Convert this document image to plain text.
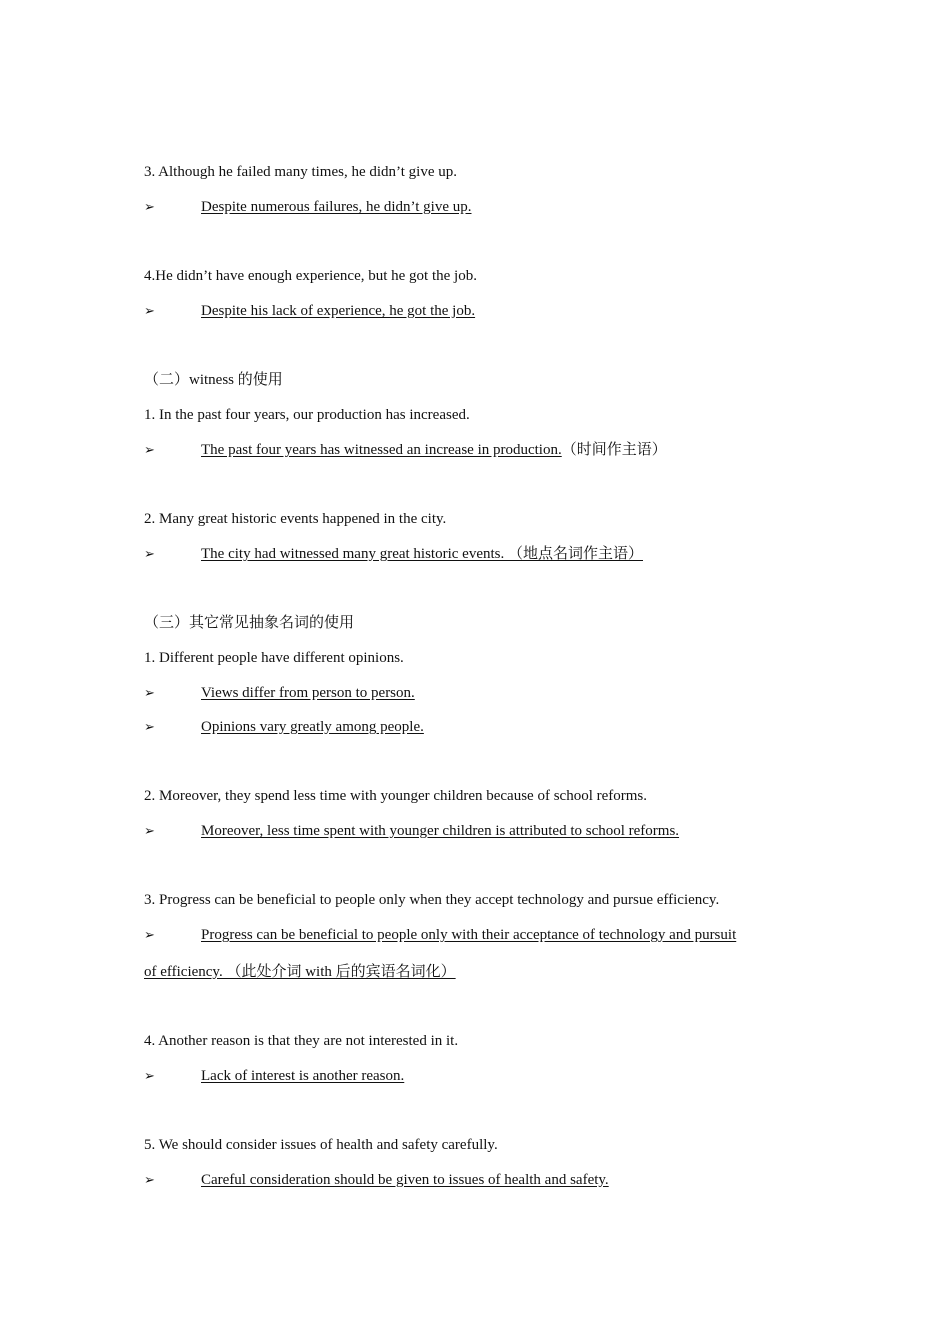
3. Although he failed many times, he didn’t give up.
➢	Despite numerous failures, he didn’t give up.
4.He didn’t have enough experience, but he got the job.
➢	Despite his lack of experience, he got the job.
（二）witness 的使用
1. In the past four years, our production has increased.
➢	The past four years has witnessed an increase in production.（时间作主语）
2. Many great historic events happened in the city.
➢	The city had witnessed many great historic events. （地点名词作主语）
（三）其它常见抽象名词的使用
1. Different people have different opinions.
➢	Views differ from person to person.
➢	Opinions vary greatly among people.
2. Moreover, they spend less time with younger children because of school reforms.
➢	Moreover, less time spent with younger children is attributed to school reforms.
3. Progress can be beneficial to people only when they accept technology and pursue efficiency.
➢	Progress can be beneficial to people only with their acceptance of technology and pursuit
of efficiency. （此处介词 with 后的宾语名词化）
4. Another reason is that they are not interested in it.
➢	Lack of interest is another reason.
5. We should consider issues of health and safety carefully.
➢	Careful consideration should be given to issues of health and safety.
